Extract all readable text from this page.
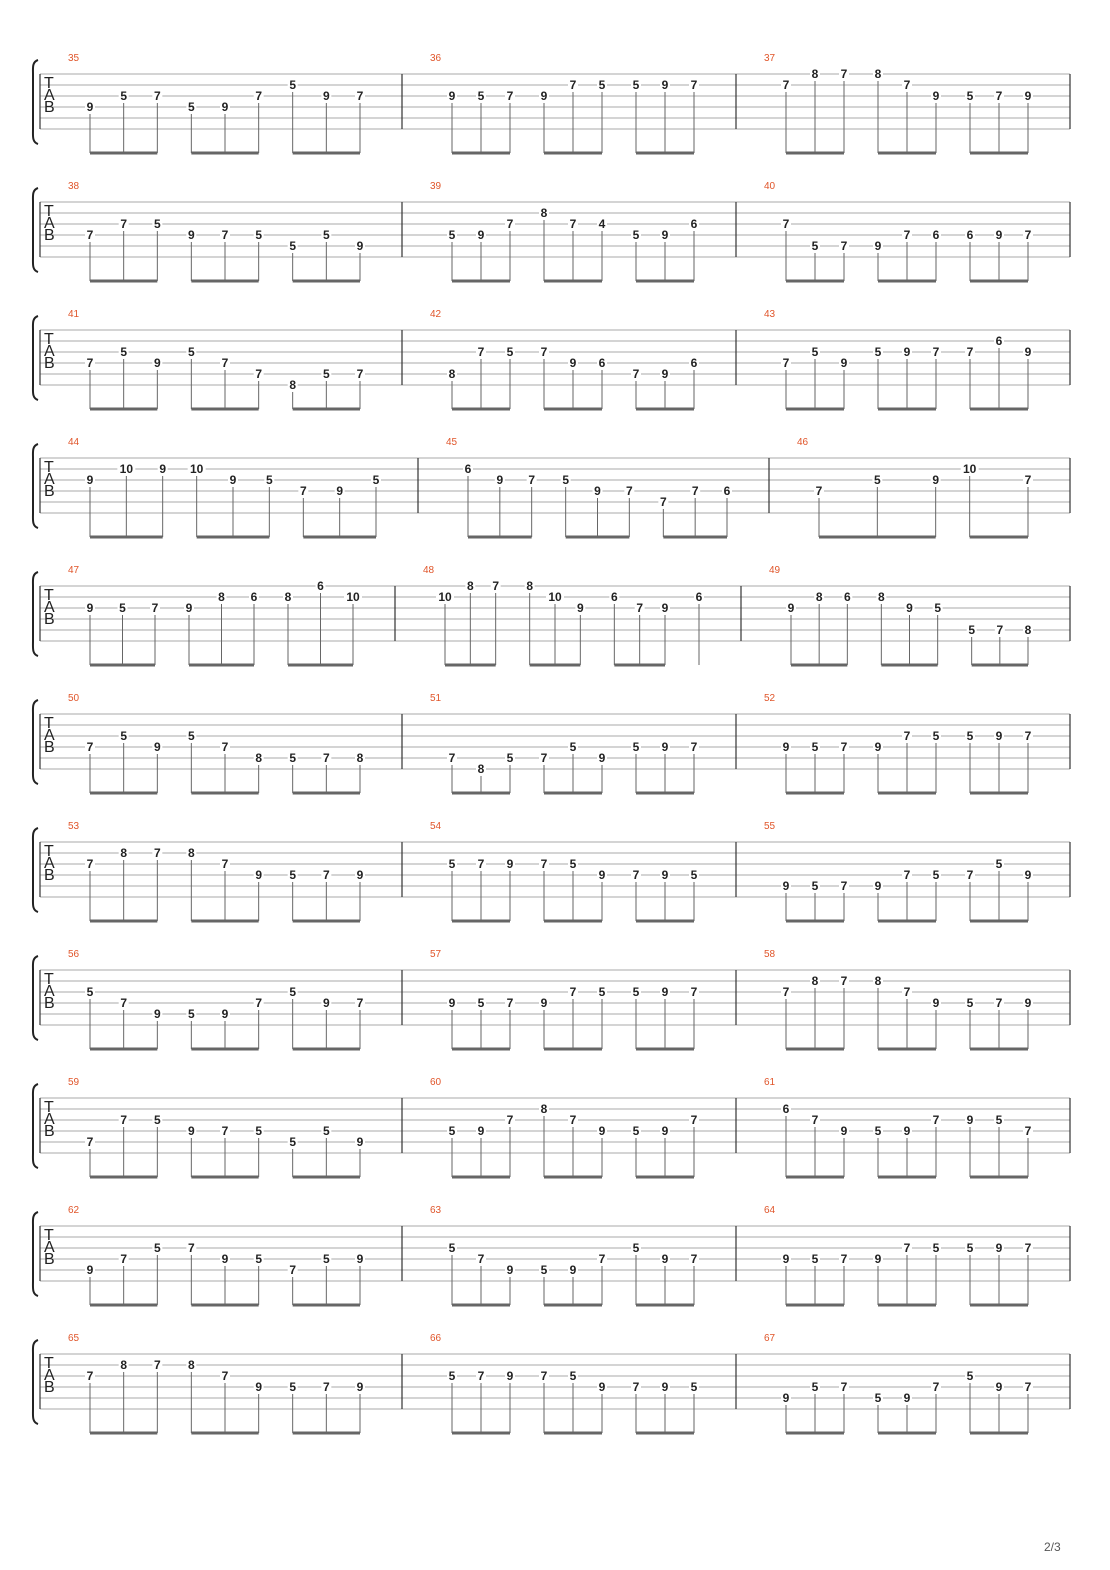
T
A
B
35
9
5 7
5 9
7
5
9 7
36
9 5 7 9
7 5 5 9 7
37
7
8 7 8
7
9 5 7 9
T
A
B
38
7
7 5
9 7 5
5
5
9
39
5 9
7
8
7 4
5 9
6
40
7
5 7 9
7 6 6 9 7
T
A
B
41
7
5
9
5
7
7
8
5 7
42
8
7 5 7
9 6
7 9
6
43
7
5
9
5 9 7 7
6
9
T
A
B
44
9
10 9 10
9 5
7 9
5
45
6
9 7 5
9 7
7
7 6
46
7
5	9
10
7
T
A
B
47
9 5 7 9
8 6 8
6
10
48
10
8 7 8
10
9
6
7 9
6
49
9
8 6 8
9 5
5 7 8
T
A
B
50
7
5
9
5
7
8 5 7 8
51
7
8
5 7
5
9
5 9 7
52
9 5 7 9
7 5 5 9 7
T
A
B
53
7
8 7 8
7
9 5 7 9
54
5 7 9 7 5
9 7 9 5
55
9 5 7 9
7 5 7
5
9
T
A
B
56
5
7
9 5 9
7
5
9 7
57
9 5 7 9
7 5 5 9 7
58
7
8 7 8
7
9 5 7 9
T
A
B
59
7
7 5
9 7 5
5
5
9
60
5 9
7
8
7
9 5 9
7
61
6
7
9 5 9
7 9 5
7
T
A
B
62
9
7
5 7
9 5
7
5 9
63
5
7
9 5 9
7
5
9 7
64
9 5 7 9
7 5 5 9 7
T
A
B
65
7
8 7 8
7
9 5 7 9
66
5 7 9 7 5
9 7 9 5
67
9
5 7
5 9
7
5
9 7
2/3
